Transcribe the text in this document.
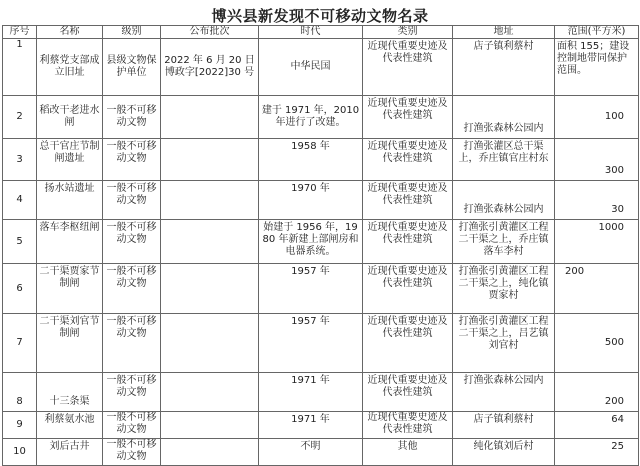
博兴县新发现不可移动文物名录
序号	名称	级别	公布批次	时代	类别	地址	范围(平方米)
1	利蔡党支部成立旧址	县级文物保护单位	2022 年 6 月 20 日博政字[2022]30 号	中华民国	近现代重要史迹及代表性建筑	店子镇利蔡村	面积 155；建设控制地带同保护范围。
2	稻改干老进水闸	一般不可移动文物		建于 1971 年，2010 年进行了改建。	近现代重要史迹及代表性建筑	打渔张森林公园内	100
3	总干官庄节制闸遗址	一般不可移动文物		1958 年	近现代重要史迹及代表性建筑	打渔张灌区总干渠上，乔庄镇官庄村东	300
4	扬水站遗址	一般不可移动文物		1970 年	近现代重要史迹及代表性建筑	打渔张森林公园内	30
5	落车李枢纽闸	一般不可移动文物		始建于 1956 年，1980 年新建上部闸房和电器系统。	近现代重要史迹及代表性建筑	打渔张引黄灌区工程二干渠之上，乔庄镇落车李村	1000
6	二干渠贾家节制闸	一般不可移动文物		1957 年	近现代重要史迹及代表性建筑	打渔张引黄灌区工程二干渠之上，纯化镇贾家村	200
7	二干渠刘官节制闸	一般不可移动文物		1957 年	近现代重要史迹及代表性建筑	打渔张引黄灌区工程二干渠之上，吕艺镇刘官村	500
8	十三条渠	一般不可移动文物		1971 年	近现代重要史迹及代表性建筑	打渔张森林公园内	200
9	利蔡氨水池	一般不可移动文物		1971 年	近现代重要史迹及代表性建筑	店子镇利蔡村	64
10	刘后古井	一般不可移动文物		不明	其他	纯化镇刘后村	25
